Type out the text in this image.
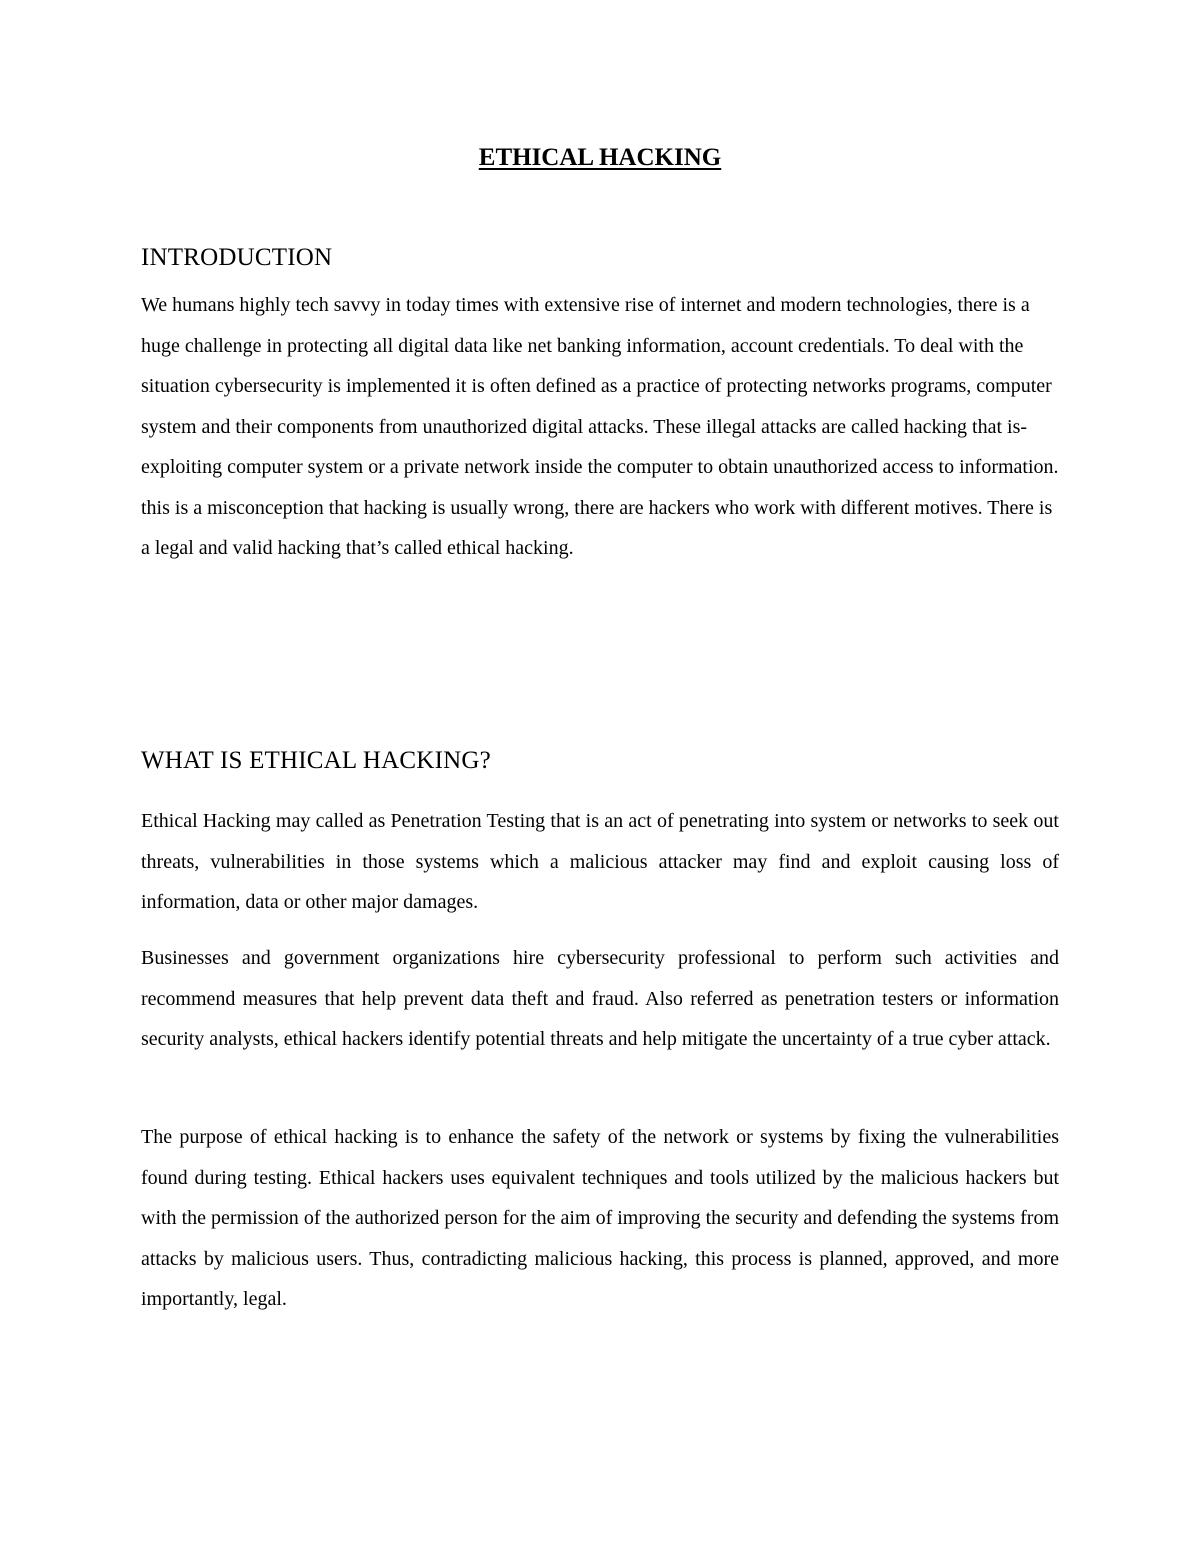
ETHICAL HACKING
INTRODUCTION

We humans highly tech savvy in today times with extensive rise of internet and modern technologies, there is a huge challenge in protecting all digital data like net banking information, account credentials. To deal with the situation cybersecurity is implemented it is often defined as a practice of protecting networks programs, computer system and their components from unauthorized digital attacks. These illegal attacks are called hacking that is- exploiting computer system or a private network inside the computer to obtain unauthorized access to information. this is a misconception that hacking is usually wrong, there are hackers who work with different motives. There is a legal and valid hacking that’s called ethical hacking.

WHAT IS ETHICAL HACKING?

Ethical Hacking may called as Penetration Testing that is an act of penetrating into system or networks to seek out threats, vulnerabilities in those systems which a malicious attacker may find and exploit causing loss of information, data or other major damages.

Businesses and government organizations hire cybersecurity professional to perform such activities and recommend measures that help prevent data theft and fraud. Also referred as penetration testers or information security analysts, ethical hackers identify potential threats and help mitigate the uncertainty of a true cyber attack.

The purpose of ethical hacking is to enhance the safety of the network or systems by fixing the vulnerabilities found during testing. Ethical hackers uses equivalent techniques and tools utilized by the malicious hackers but with the permission of the authorized person for the aim of improving the security and defending the systems from attacks by malicious users. Thus, contradicting malicious hacking, this process is planned, approved, and more importantly, legal.
